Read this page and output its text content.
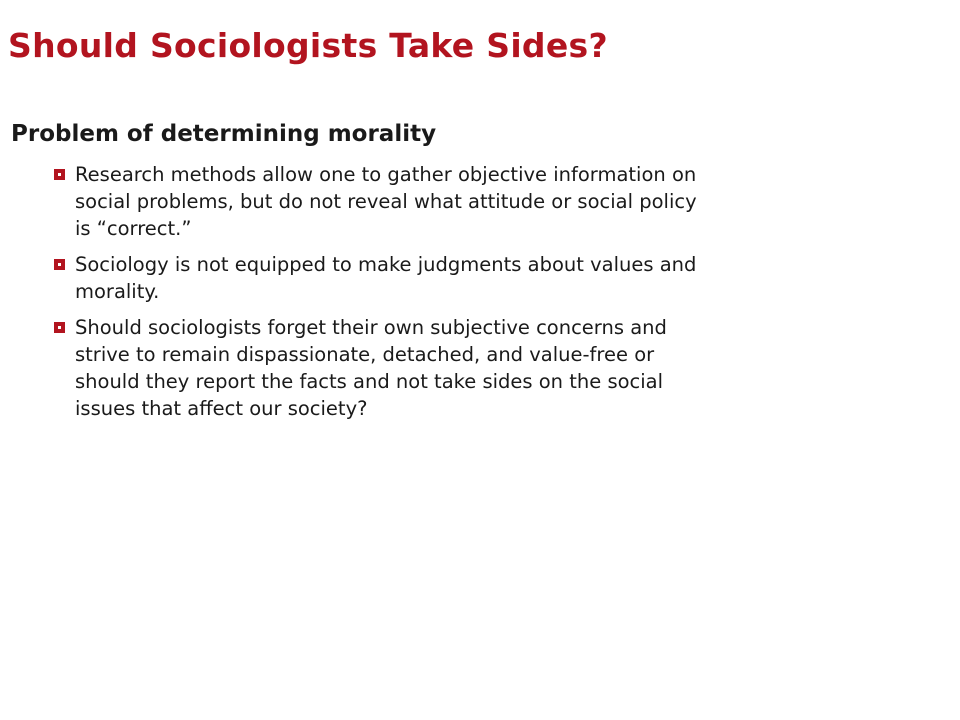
Should Sociologists Take Sides?
Problem of determining morality
Research methods allow one to gather objective information on social problems, but do not reveal what attitude or social policy is “correct.”
Sociology is not equipped to make judgments about values and morality.
Should sociologists forget their own subjective concerns and strive to remain dispassionate, detached, and value-free or should they report the facts and not take sides on the social issues that affect our society?
